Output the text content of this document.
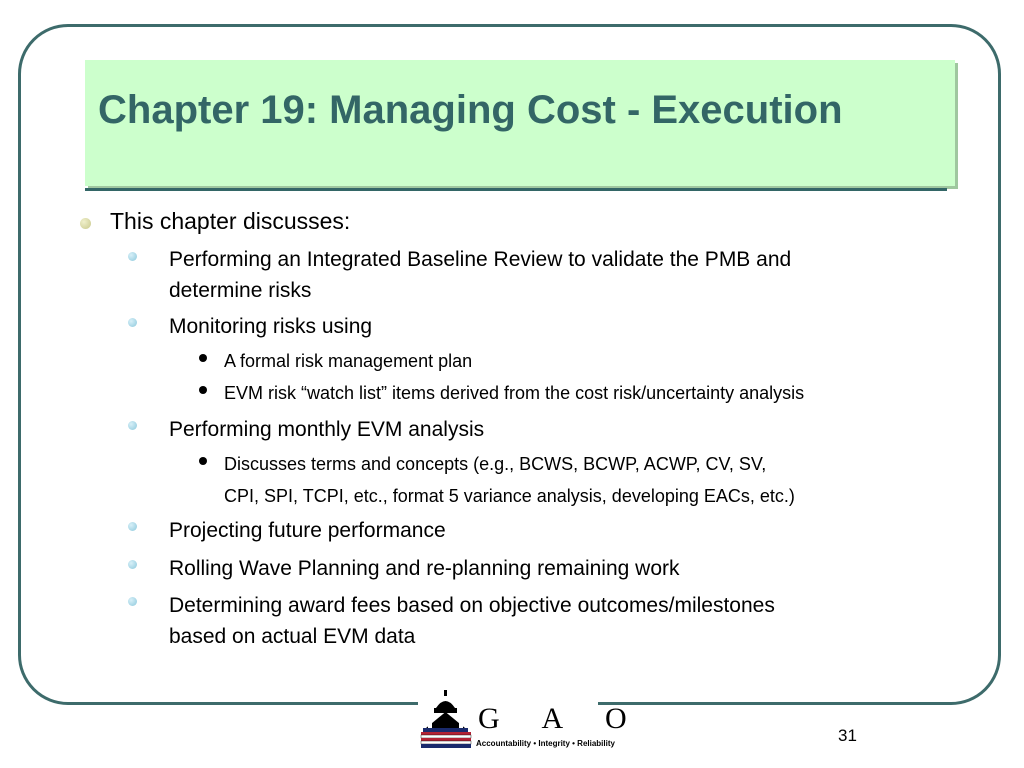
Chapter 19: Managing Cost - Execution

This chapter discusses:

Performing an Integrated Baseline Review to validate the PMB and

determine risks

Monitoring risks using

A formal risk management plan

EVM risk “watch list” items derived from the cost risk/uncertainty analysis

Performing monthly EVM analysis

Discusses terms and concepts (e.g., BCWS, BCWP, ACWP, CV, SV,

CPI, SPI, TCPI, etc., format 5 variance analysis, developing EACs, etc.)

Projecting future performance

Rolling Wave Planning and re-planning remaining work

Determining award fees based on objective outcomes/milestones

based on actual EVM data

G A O
Accountability • Integrity • Reliability	31
